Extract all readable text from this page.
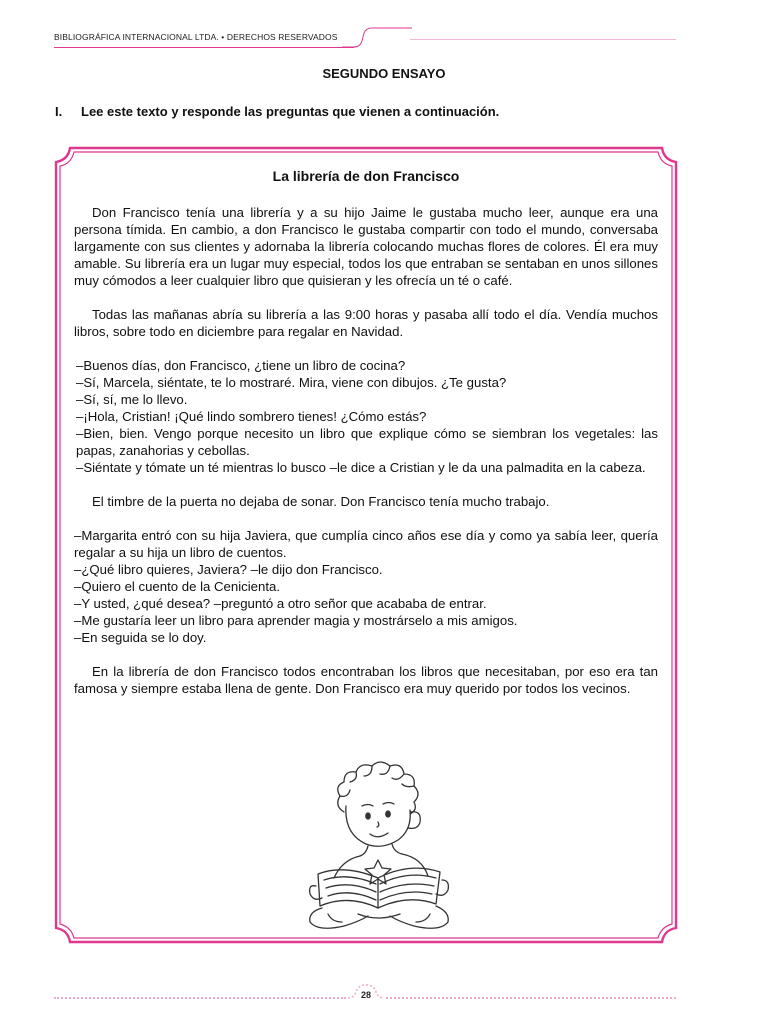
BIBLIOGRÁFICA INTERNACIONAL LTDA. • DERECHOS RESERVADOS
SEGUNDO ENSAYO
I. Lee este texto y responde las preguntas que vienen a continuación.
La librería de don Francisco

Don Francisco tenía una librería y a su hijo Jaime le gustaba mucho leer, aunque era una persona tímida. En cambio, a don Francisco le gustaba compartir con todo el mundo, conversaba largamente con sus clientes y adornaba la librería colocando muchas flores de colores. Él era muy amable. Su librería era un lugar muy especial, todos los que entraban se sentaban en unos sillones muy cómodos a leer cualquier libro que quisieran y les ofrecía un té o café.

Todas las mañanas abría su librería a las 9:00 horas y pasaba allí todo el día. Vendía muchos libros, sobre todo en diciembre para regalar en Navidad.

–Buenos días, don Francisco, ¿tiene un libro de cocina?

–Sí, Marcela, siéntate, te lo mostraré. Mira, viene con dibujos. ¿Te gusta?

–Sí, sí, me lo llevo.

–¡Hola, Cristian! ¡Qué lindo sombrero tienes! ¿Cómo estás?

–Bien, bien. Vengo porque necesito un libro que explique cómo se siembran los vegetales: las papas, zanahorias y cebollas.

–Siéntate y tómate un té mientras lo busco –le dice a Cristian y le da una palmadita en la cabeza.

El timbre de la puerta no dejaba de sonar. Don Francisco tenía mucho trabajo.

–Margarita entró con su hija Javiera, que cumplía cinco años ese día y como ya sabía leer, quería regalar a su hija un libro de cuentos.

–¿Qué libro quieres, Javiera? –le dijo don Francisco.

–Quiero el cuento de la Cenicienta.

–Y usted, ¿qué desea? –preguntó a otro señor que acababa de entrar.

–Me gustaría leer un libro para aprender magia y mostrárselo a mis amigos.

–En seguida se lo doy.

En la librería de don Francisco todos encontraban los libros que necesitaban, por eso era tan famosa y siempre estaba llena de gente. Don Francisco era muy querido por todos los vecinos.

28
